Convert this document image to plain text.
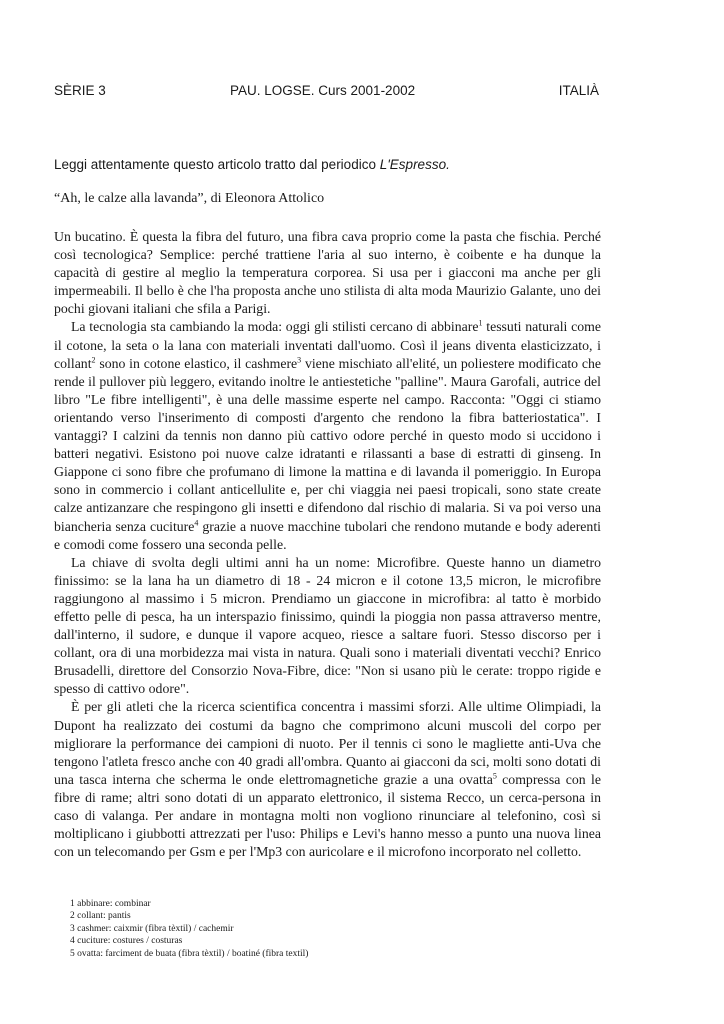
SÈRIE 3	PAU. LOGSE. Curs 2001-2002	ITALIÀ
Leggi attentamente questo articolo tratto dal periodico L'Espresso.
“Ah, le calze alla lavanda”, di Eleonora Attolico

Un bucatino. È questa la fibra del futuro, una fibra cava proprio come la pasta che fischia. Perché così tecnologica? Semplice: perché trattiene l'aria al suo interno, è coibente e ha dunque la capacità di gestire al meglio la temperatura corporea. Si usa per i giacconi ma anche per gli impermeabili. Il bello è che l'ha proposta anche uno stilista di alta moda Maurizio Galante, uno dei pochi giovani italiani che sfila a Parigi.

La tecnologia sta cambiando la moda: oggi gli stilisti cercano di abbinare$^1$ tessuti naturali come il cotone, la seta o la lana con materiali inventati dall'uomo. Così il jeans diventa elasticizzato, i collant$^2$ sono in cotone elastico, il cashmere$^3$ viene mischiato all'elité, un poliestere modificato che rende il pullover più leggero, evitando inoltre le antiestetiche "palline". Maura Garofali, autrice del libro "Le fibre intelligenti", è una delle massime esperte nel campo. Racconta: "Oggi ci stiamo orientando verso l'inserimento di composti d'argento che rendono la fibra batteriostatica". I vantaggi? I calzini da tennis non danno più cattivo odore perché in questo modo si uccidono i batteri negativi. Esistono poi nuove calze idratanti e rilassanti a base di estratti di ginseng. In Giappone ci sono fibre che profumano di limone la mattina e di lavanda il pomeriggio. In Europa sono in commercio i collant anticellulite e, per chi viaggia nei paesi tropicali, sono state create calze antizanzare che respingono gli insetti e difendono dal rischio di malaria. Si va poi verso una biancheria senza cuciture$^4$ grazie a nuove macchine tubolari che rendono mutande e body aderenti e comodi come fossero una seconda pelle.

La chiave di svolta degli ultimi anni ha un nome: Microfibre. Queste hanno un diametro finissimo: se la lana ha un diametro di 18 - 24 micron e il cotone 13,5 micron, le microfibre raggiungono al massimo i 5 micron. Prendiamo un giaccone in microfibra: al tatto è morbido effetto pelle di pesca, ha un interspazio finissimo, quindi la pioggia non passa attraverso mentre, dall'interno, il sudore, e dunque il vapore acqueo, riesce a saltare fuori. Stesso discorso per i collant, ora di una morbidezza mai vista in natura. Quali sono i materiali diventati vecchi? Enrico Brusadelli, direttore del Consorzio Nova-Fibre, dice: "Non si usano più le cerate: troppo rigide e spesso di cattivo odore".

È per gli atleti che la ricerca scientifica concentra i massimi sforzi. Alle ultime Olimpiadi, la Dupont ha realizzato dei costumi da bagno che comprimono alcuni muscoli del corpo per migliorare la performance dei campioni di nuoto. Per il tennis ci sono le magliette anti-Uva che tengono l'atleta fresco anche con 40 gradi all'ombra. Quanto ai giacconi da sci, molti sono dotati di una tasca interna che scherma le onde elettromagnetiche grazie a una ovatta$^5$ compressa con le fibre di rame; altri sono dotati di un apparato elettronico, il sistema Recco, un cerca-persona in caso di valanga. Per andare in montagna molti non vogliono rinunciare al telefonino, così si moltiplicano i giubbotti attrezzati per l'uso: Philips e Levi's hanno messo a punto una nuova linea con un telecomando per Gsm e per l'Mp3 con auricolare e il microfono incorporato nel colletto.

1 abbinare: combinar
2 collant: pantis
3 cashmer: caixmir (fibra tèxtil) / cachemir
4 cuciture: costures / costuras
5 ovatta: farciment de buata (fibra tèxtil) / boatiné (fibra textil)
